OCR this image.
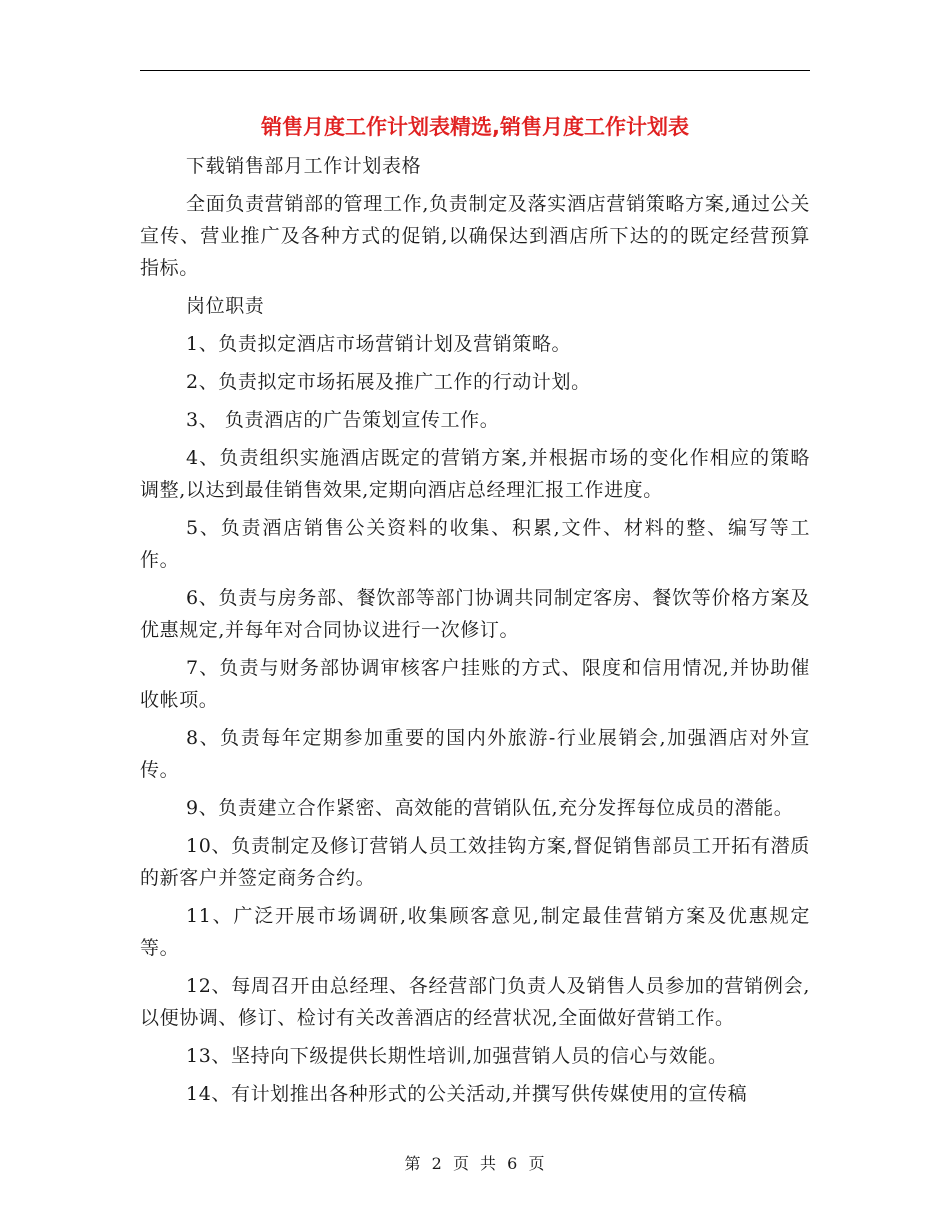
销售月度工作计划表精选,销售月度工作计划表

下载销售部月工作计划表格

全面负责营销部的管理工作,负责制定及落实酒店营销策略方案,通过公关宣传、营业推广及各种方式的促销,以确保达到酒店所下达的的既定经营预算指标。

岗位职责

1、负责拟定酒店市场营销计划及营销策略。

2、负责拟定市场拓展及推广工作的行动计划。

3、 负责酒店的广告策划宣传工作。

4、负责组织实施酒店既定的营销方案,并根据市场的变化作相应的策略调整,以达到最佳销售效果,定期向酒店总经理汇报工作进度。

5、负责酒店销售公关资料的收集、积累,文件、材料的整、编写等工作。

6、负责与房务部、餐饮部等部门协调共同制定客房、餐饮等价格方案及优惠规定,并每年对合同协议进行一次修订。

7、负责与财务部协调审核客户挂账的方式、限度和信用情况,并协助催收帐项。

8、负责每年定期参加重要的国内外旅游-行业展销会,加强酒店对外宣传。

9、负责建立合作紧密、高效能的营销队伍,充分发挥每位成员的潜能。

10、负责制定及修订营销人员工效挂钩方案,督促销售部员工开拓有潜质的新客户并签定商务合约。

11、广泛开展市场调研,收集顾客意见,制定最佳营销方案及优惠规定等。

12、每周召开由总经理、各经营部门负责人及销售人员参加的营销例会,以便协调、修订、检讨有关改善酒店的经营状况,全面做好营销工作。

13、坚持向下级提供长期性培训,加强营销人员的信心与效能。

14、有计划推出各种形式的公关活动,并撰写供传媒使用的宣传稿

第 2 页 共 6 页
